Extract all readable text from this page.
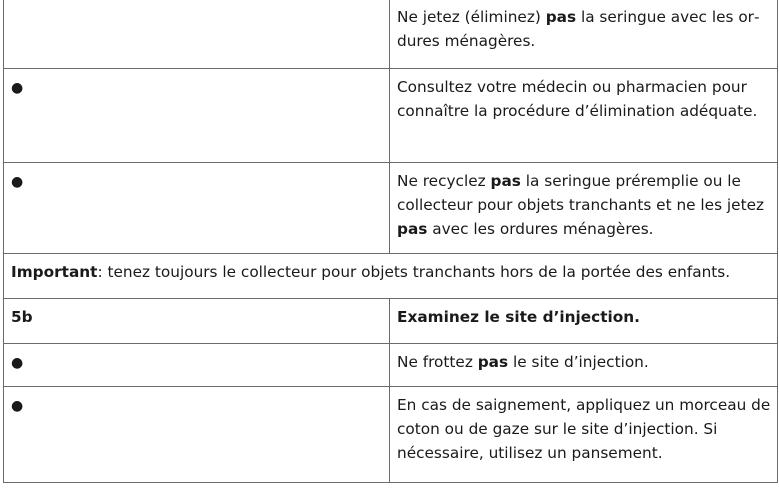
	Ne jetez (éliminez) pas la seringue avec les ordures ménagères.

●	Consultez votre médecin ou pharmacien pour connaître la procédure d’élimination adéquate.

●	Ne recyclez pas la seringue préremplie ou le collecteur pour objets tranchants et ne les jetez pas avec les ordures ménagères.

Important: tenez toujours le collecteur pour objets tranchants hors de la portée des enfants.	

5b	Examinez le site d’injection.

●	Ne frottez pas le site d’injection.

●	En cas de saignement, appliquez un morceau de coton ou de gaze sur le site d’injection. Si nécessaire, utilisez un pansement.
